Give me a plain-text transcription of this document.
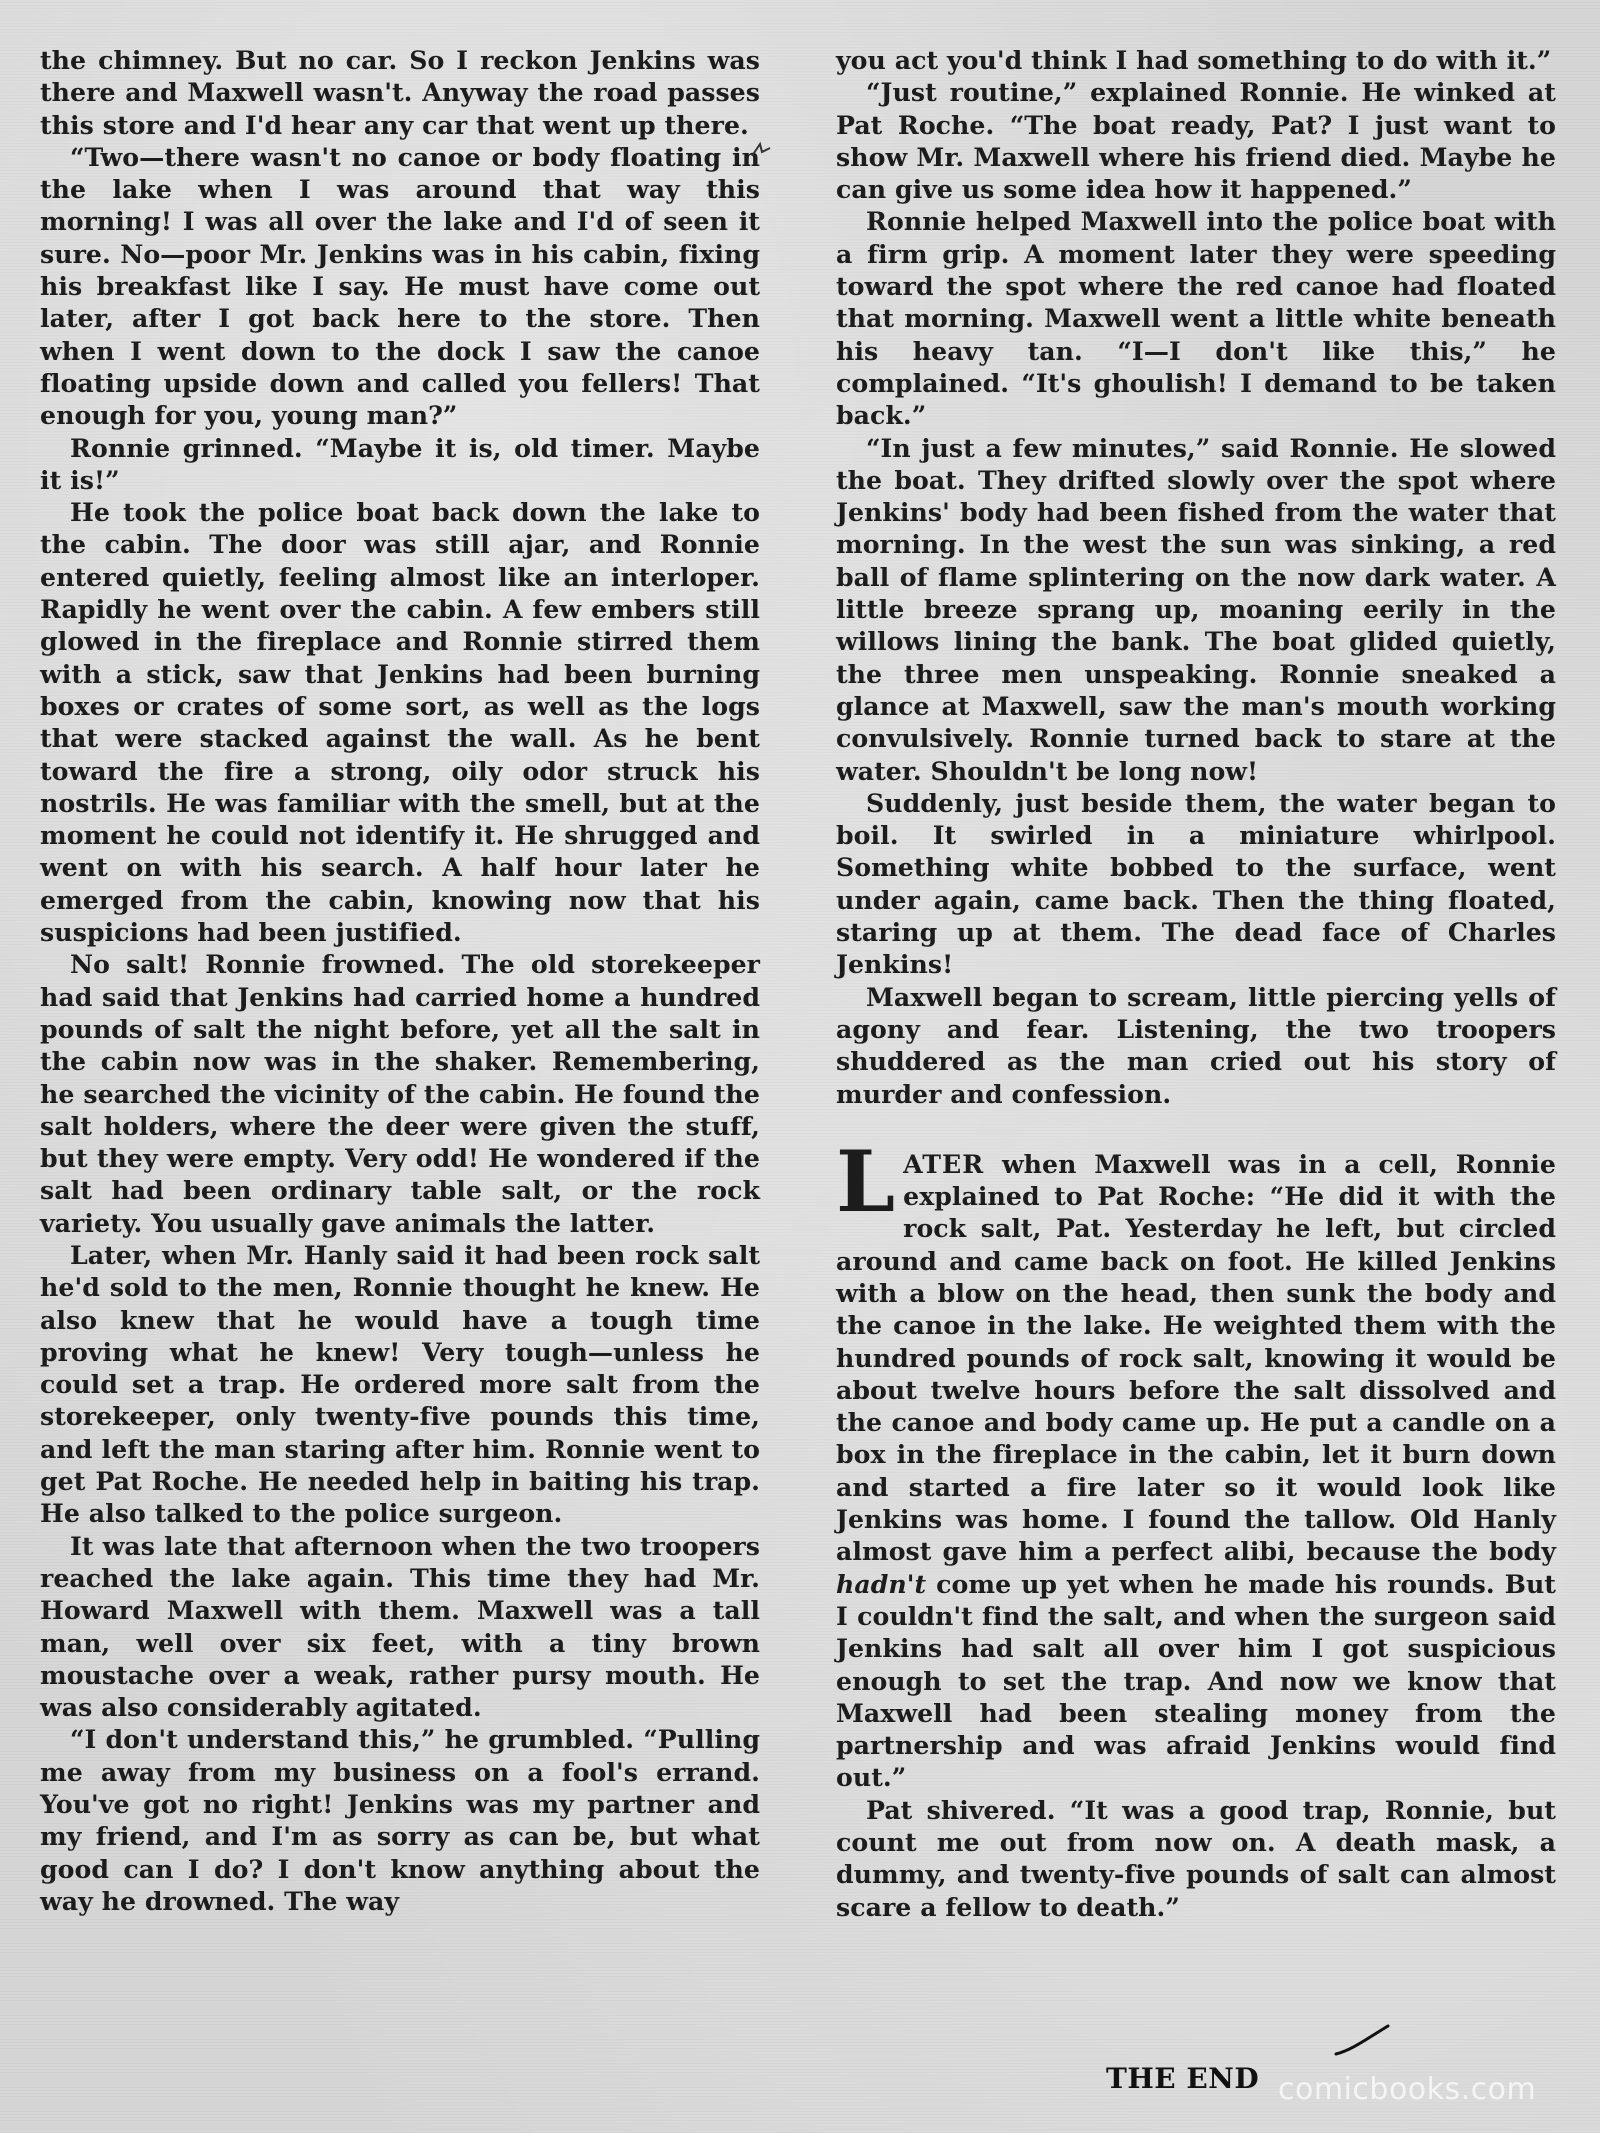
the chimney. But no car. So I reckon Jenkins was there and Maxwell wasn't. Anyway the road passes this store and I'd hear any car that went up there.

“Two—there wasn't no canoe or body floating in the lake when I was around that way this morning! I was all over the lake and I'd of seen it sure. No—poor Mr. Jenkins was in his cabin, fixing his breakfast like I say. He must have come out later, after I got back here to the store. Then when I went down to the dock I saw the canoe floating upside down and called you fellers! That enough for you, young man?”

Ronnie grinned. “Maybe it is, old timer. Maybe it is!”

He took the police boat back down the lake to the cabin. The door was still ajar, and Ronnie entered quietly, feeling almost like an interloper. Rapidly he went over the cabin. A few embers still glowed in the fireplace and Ronnie stirred them with a stick, saw that Jenkins had been burning boxes or crates of some sort, as well as the logs that were stacked against the wall. As he bent toward the fire a strong, oily odor struck his nostrils. He was familiar with the smell, but at the moment he could not identify it. He shrugged and went on with his search. A half hour later he emerged from the cabin, knowing now that his suspicions had been justified.

No salt! Ronnie frowned. The old storekeeper had said that Jenkins had carried home a hundred pounds of salt the night before, yet all the salt in the cabin now was in the shaker. Remembering, he searched the vicinity of the cabin. He found the salt holders, where the deer were given the stuff, but they were empty. Very odd! He wondered if the salt had been ordinary table salt, or the rock variety. You usually gave animals the latter.

Later, when Mr. Hanly said it had been rock salt he'd sold to the men, Ronnie thought he knew. He also knew that he would have a tough time proving what he knew! Very tough—unless he could set a trap. He ordered more salt from the storekeeper, only twenty-five pounds this time, and left the man staring after him. Ronnie went to get Pat Roche. He needed help in baiting his trap. He also talked to the police surgeon.

It was late that afternoon when the two troopers reached the lake again. This time they had Mr. Howard Maxwell with them. Maxwell was a tall man, well over six feet, with a tiny brown moustache over a weak, rather pursy mouth. He was also considerably agitated.

“I don't understand this,” he grumbled. “Pulling me away from my business on a fool's errand. You've got no right! Jenkins was my partner and my friend, and I'm as sorry as can be, but what good can I do? I don't know anything about the way he drowned. The way

you act you'd think I had something to do with it.”

“Just routine,” explained Ronnie. He winked at Pat Roche. “The boat ready, Pat? I just want to show Mr. Maxwell where his friend died. Maybe he can give us some idea how it happened.”

Ronnie helped Maxwell into the police boat with a firm grip. A moment later they were speeding toward the spot where the red canoe had floated that morning. Maxwell went a little white beneath his heavy tan. “I—I don't like this,” he complained. “It's ghoulish! I demand to be taken back.”

“In just a few minutes,” said Ronnie. He slowed the boat. They drifted slowly over the spot where Jenkins' body had been fished from the water that morning. In the west the sun was sinking, a red ball of flame splintering on the now dark water. A little breeze sprang up, moaning eerily in the willows lining the bank. The boat glided quietly, the three men unspeaking. Ronnie sneaked a glance at Maxwell, saw the man's mouth working convulsively. Ronnie turned back to stare at the water. Shouldn't be long now!

Suddenly, just beside them, the water began to boil. It swirled in a miniature whirlpool. Something white bobbed to the surface, went under again, came back. Then the thing floated, staring up at them. The dead face of Charles Jenkins!

Maxwell began to scream, little piercing yells of agony and fear. Listening, the two troopers shuddered as the man cried out his story of murder and confession.

LATER when Maxwell was in a cell, Ronnie explained to Pat Roche: “He did it with the rock salt, Pat. Yesterday he left, but circled around and came back on foot. He killed Jenkins with a blow on the head, then sunk the body and the canoe in the lake. He weighted them with the hundred pounds of rock salt, knowing it would be about twelve hours before the salt dissolved and the canoe and body came up. He put a candle on a box in the fireplace in the cabin, let it burn down and started a fire later so it would look like Jenkins was home. I found the tallow. Old Hanly almost gave him a perfect alibi, because the body hadn't come up yet when he made his rounds. But I couldn't find the salt, and when the surgeon said Jenkins had salt all over him I got suspicious enough to set the trap. And now we know that Maxwell had been stealing money from the partnership and was afraid Jenkins would find out.”

Pat shivered. “It was a good trap, Ronnie, but count me out from now on. A death mask, a dummy, and twenty-five pounds of salt can almost scare a fellow to death.”

THE END comicbooks.com
